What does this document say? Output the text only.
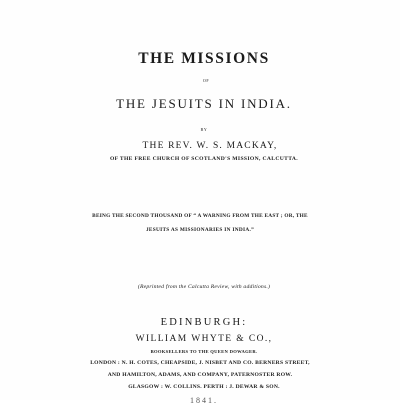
THE MISSIONS
OF
THE JESUITS IN INDIA.
BY
THE REV. W. S. MACKAY,
OF THE FREE CHURCH OF SCOTLAND'S MISSION, CALCUTTA.
BEING THE SECOND THOUSAND OF “ A WARNING FROM THE EAST ; OR, THE
JESUITS AS MISSIONARIES IN INDIA.”
(Reprinted from the Calcutta Review, with additions.)
EDINBURGH:
WILLIAM WHYTE & CO.,
BOOKSELLERS TO THE QUEEN DOWAGER.
LONDON : N. H. COTES, CHEAPSIDE, J. NISBET AND CO. BERNERS STREET,
AND HAMILTON, ADAMS, AND COMPANY, PATERNOSTER ROW.
GLASGOW : W. COLLINS. PERTH : J. DEWAR & SON.
1841.
